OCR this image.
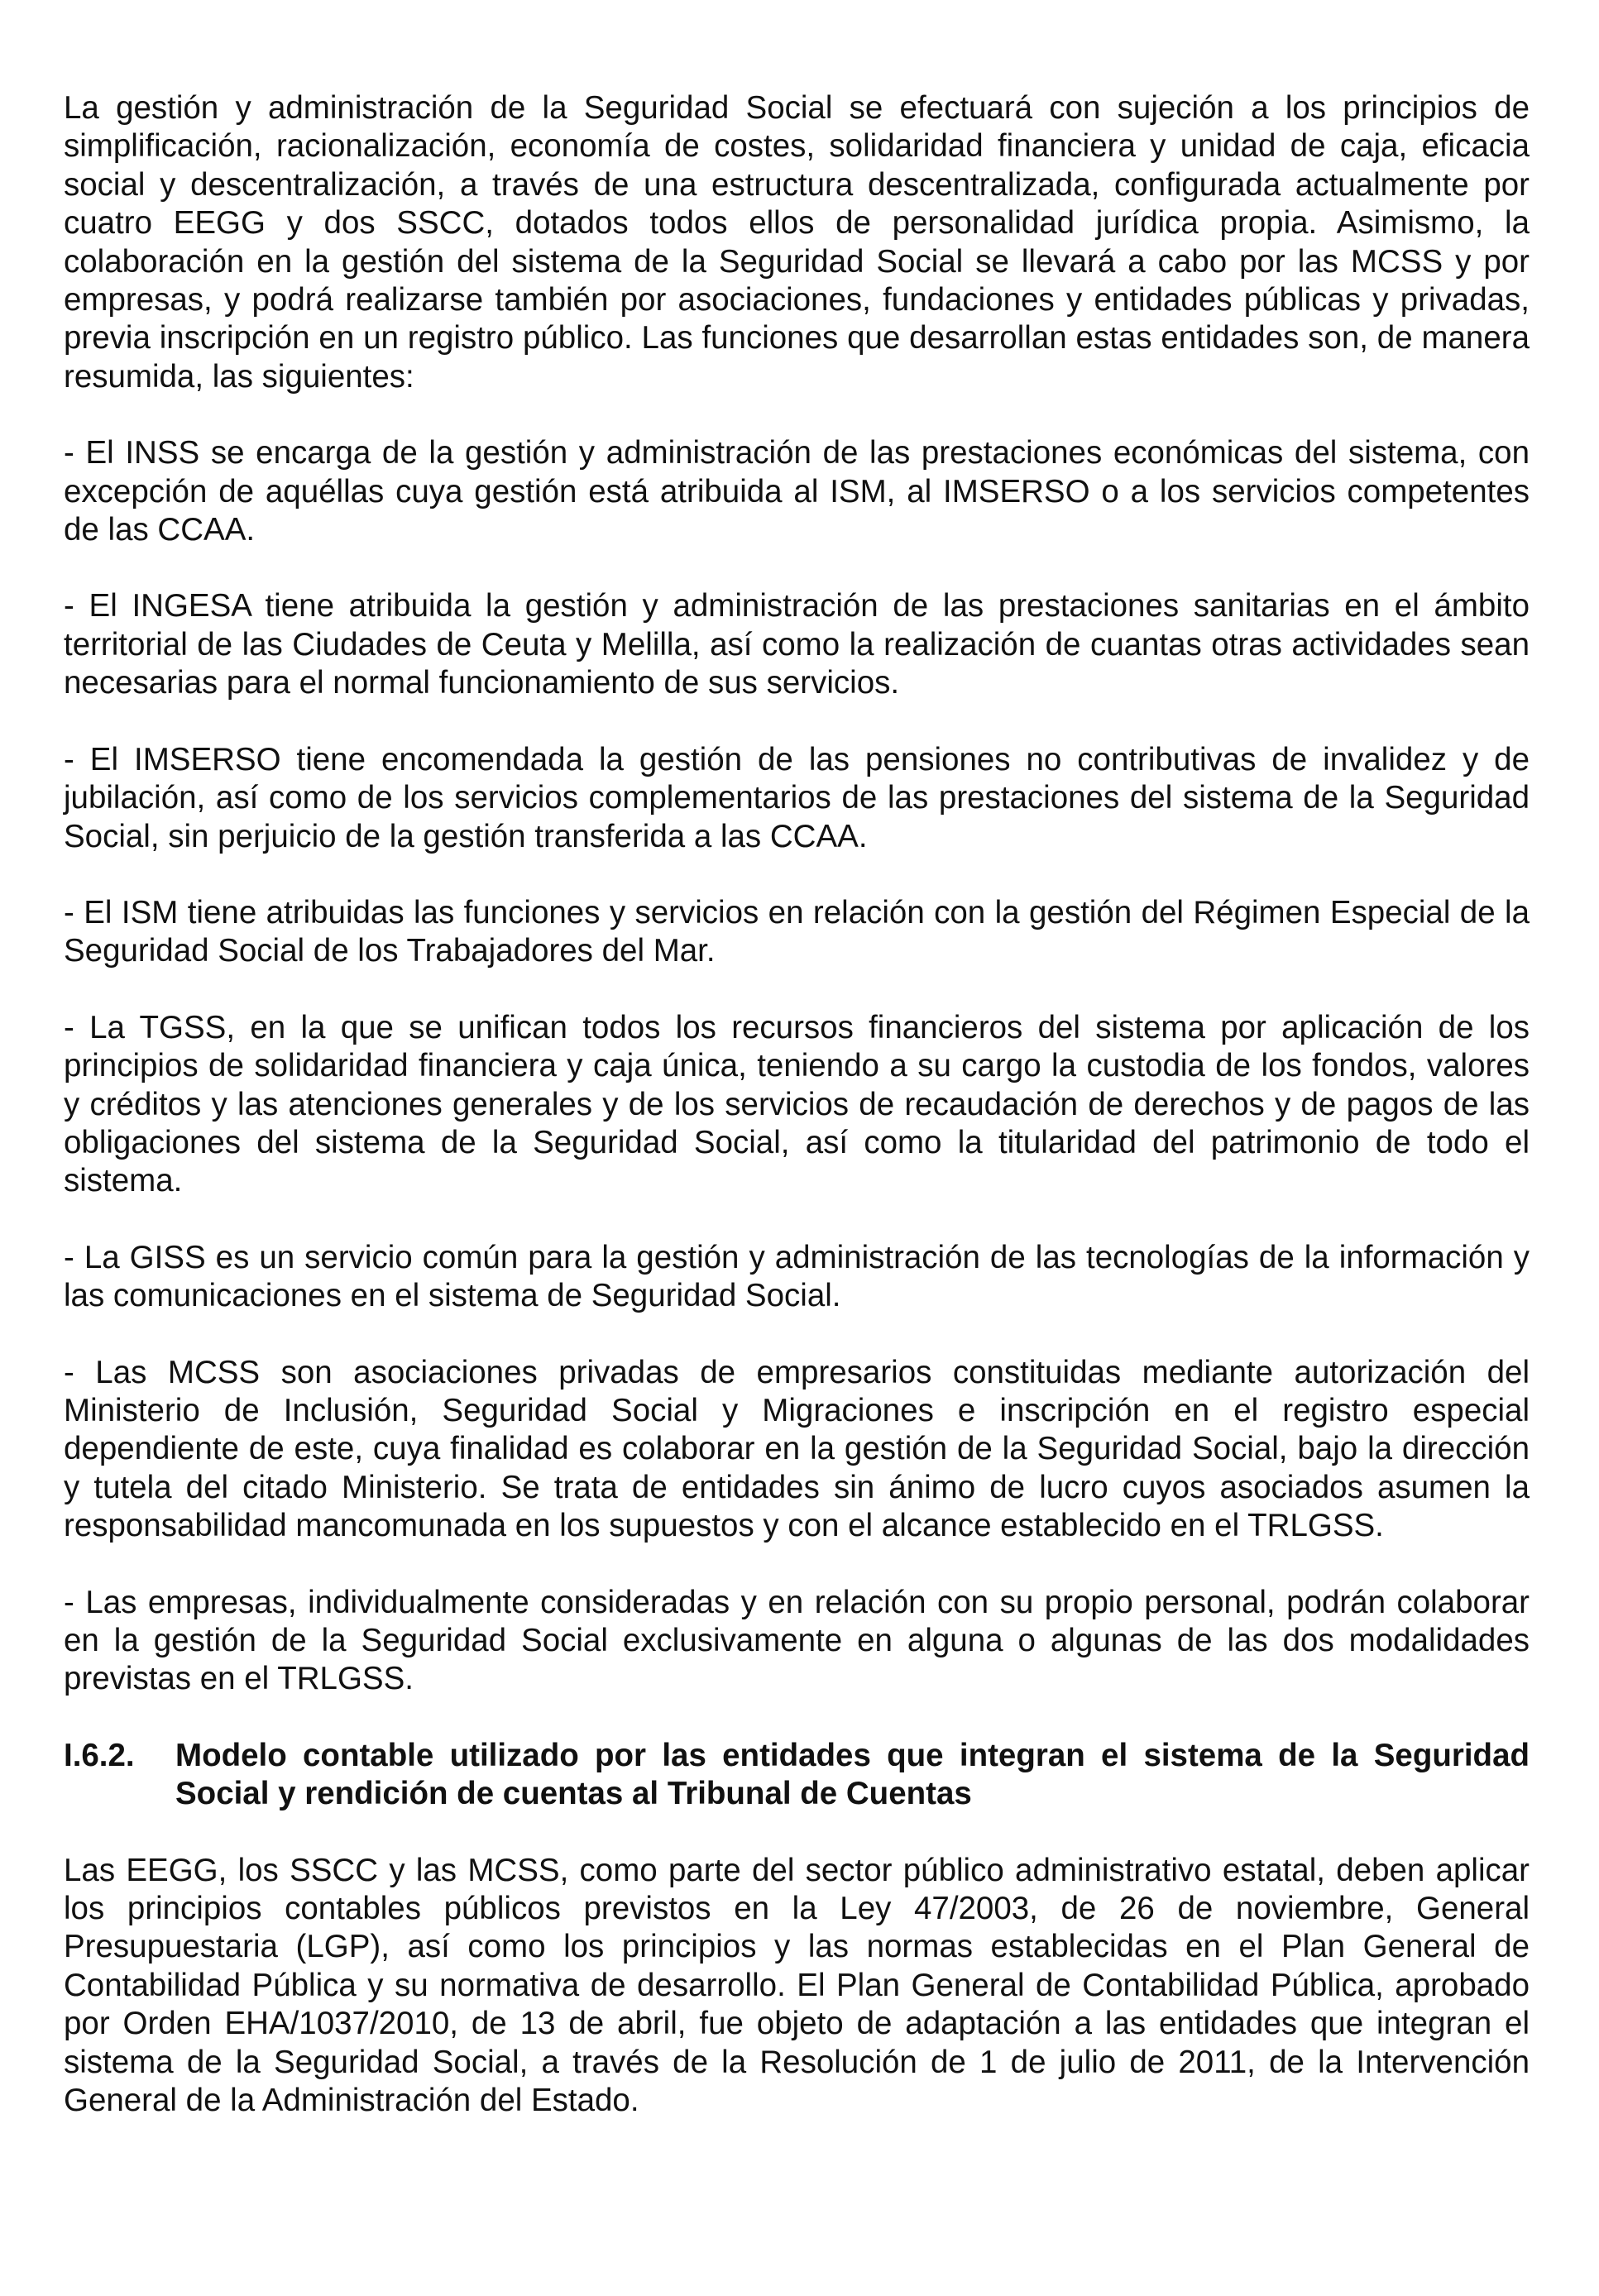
La gestión y administración de la Seguridad Social se efectuará con sujeción a los principios de simplificación, racionalización, economía de costes, solidaridad financiera y unidad de caja, eficacia social y descentralización, a través de una estructura descentralizada, configurada actualmente por cuatro EEGG y dos SSCC, dotados todos ellos de personalidad jurídica propia. Asimismo, la colaboración en la gestión del sistema de la Seguridad Social se llevará a cabo por las MCSS y por empresas, y podrá realizarse también por asociaciones, fundaciones y entidades públicas y privadas, previa inscripción en un registro público. Las funciones que desarrollan estas entidades son, de manera resumida, las siguientes:

- El INSS se encarga de la gestión y administración de las prestaciones económicas del sistema, con excepción de aquéllas cuya gestión está atribuida al ISM, al IMSERSO o a los servicios competentes de las CCAA.

- El INGESA tiene atribuida la gestión y administración de las prestaciones sanitarias en el ámbito territorial de las Ciudades de Ceuta y Melilla, así como la realización de cuantas otras actividades sean necesarias para el normal funcionamiento de sus servicios.

- El IMSERSO tiene encomendada la gestión de las pensiones no contributivas de invalidez y de jubilación, así como de los servicios complementarios de las prestaciones del sistema de la Seguridad Social, sin perjuicio de la gestión transferida a las CCAA.

- El ISM tiene atribuidas las funciones y servicios en relación con la gestión del Régimen Especial de la Seguridad Social de los Trabajadores del Mar.

- La TGSS, en la que se unifican todos los recursos financieros del sistema por aplicación de los principios de solidaridad financiera y caja única, teniendo a su cargo la custodia de los fondos, valores y créditos y las atenciones generales y de los servicios de recaudación de derechos y de pagos de las obligaciones del sistema de la Seguridad Social, así como la titularidad del patrimonio de todo el sistema.

- La GISS es un servicio común para la gestión y administración de las tecnologías de la información y las comunicaciones en el sistema de Seguridad Social.

- Las MCSS son asociaciones privadas de empresarios constituidas mediante autorización del Ministerio de Inclusión, Seguridad Social y Migraciones e inscripción en el registro especial dependiente de este, cuya finalidad es colaborar en la gestión de la Seguridad Social, bajo la dirección y tutela del citado Ministerio. Se trata de entidades sin ánimo de lucro cuyos asociados asumen la responsabilidad mancomunada en los supuestos y con el alcance establecido en el TRLGSS.

- Las empresas, individualmente consideradas y en relación con su propio personal, podrán colaborar en la gestión de la Seguridad Social exclusivamente en alguna o algunas de las dos modalidades previstas en el TRLGSS.

I.6.2.	Modelo contable utilizado por las entidades que integran el sistema de la Seguridad Social y rendición de cuentas al Tribunal de Cuentas

Las EEGG, los SSCC y las MCSS, como parte del sector público administrativo estatal, deben aplicar los principios contables públicos previstos en la Ley 47/2003, de 26 de noviembre, General Presupuestaria (LGP), así como los principios y las normas establecidas en el Plan General de Contabilidad Pública y su normativa de desarrollo. El Plan General de Contabilidad Pública, aprobado por Orden EHA/1037/2010, de 13 de abril, fue objeto de adaptación a las entidades que integran el sistema de la Seguridad Social, a través de la Resolución de 1 de julio de 2011, de la Intervención General de la Administración del Estado.
